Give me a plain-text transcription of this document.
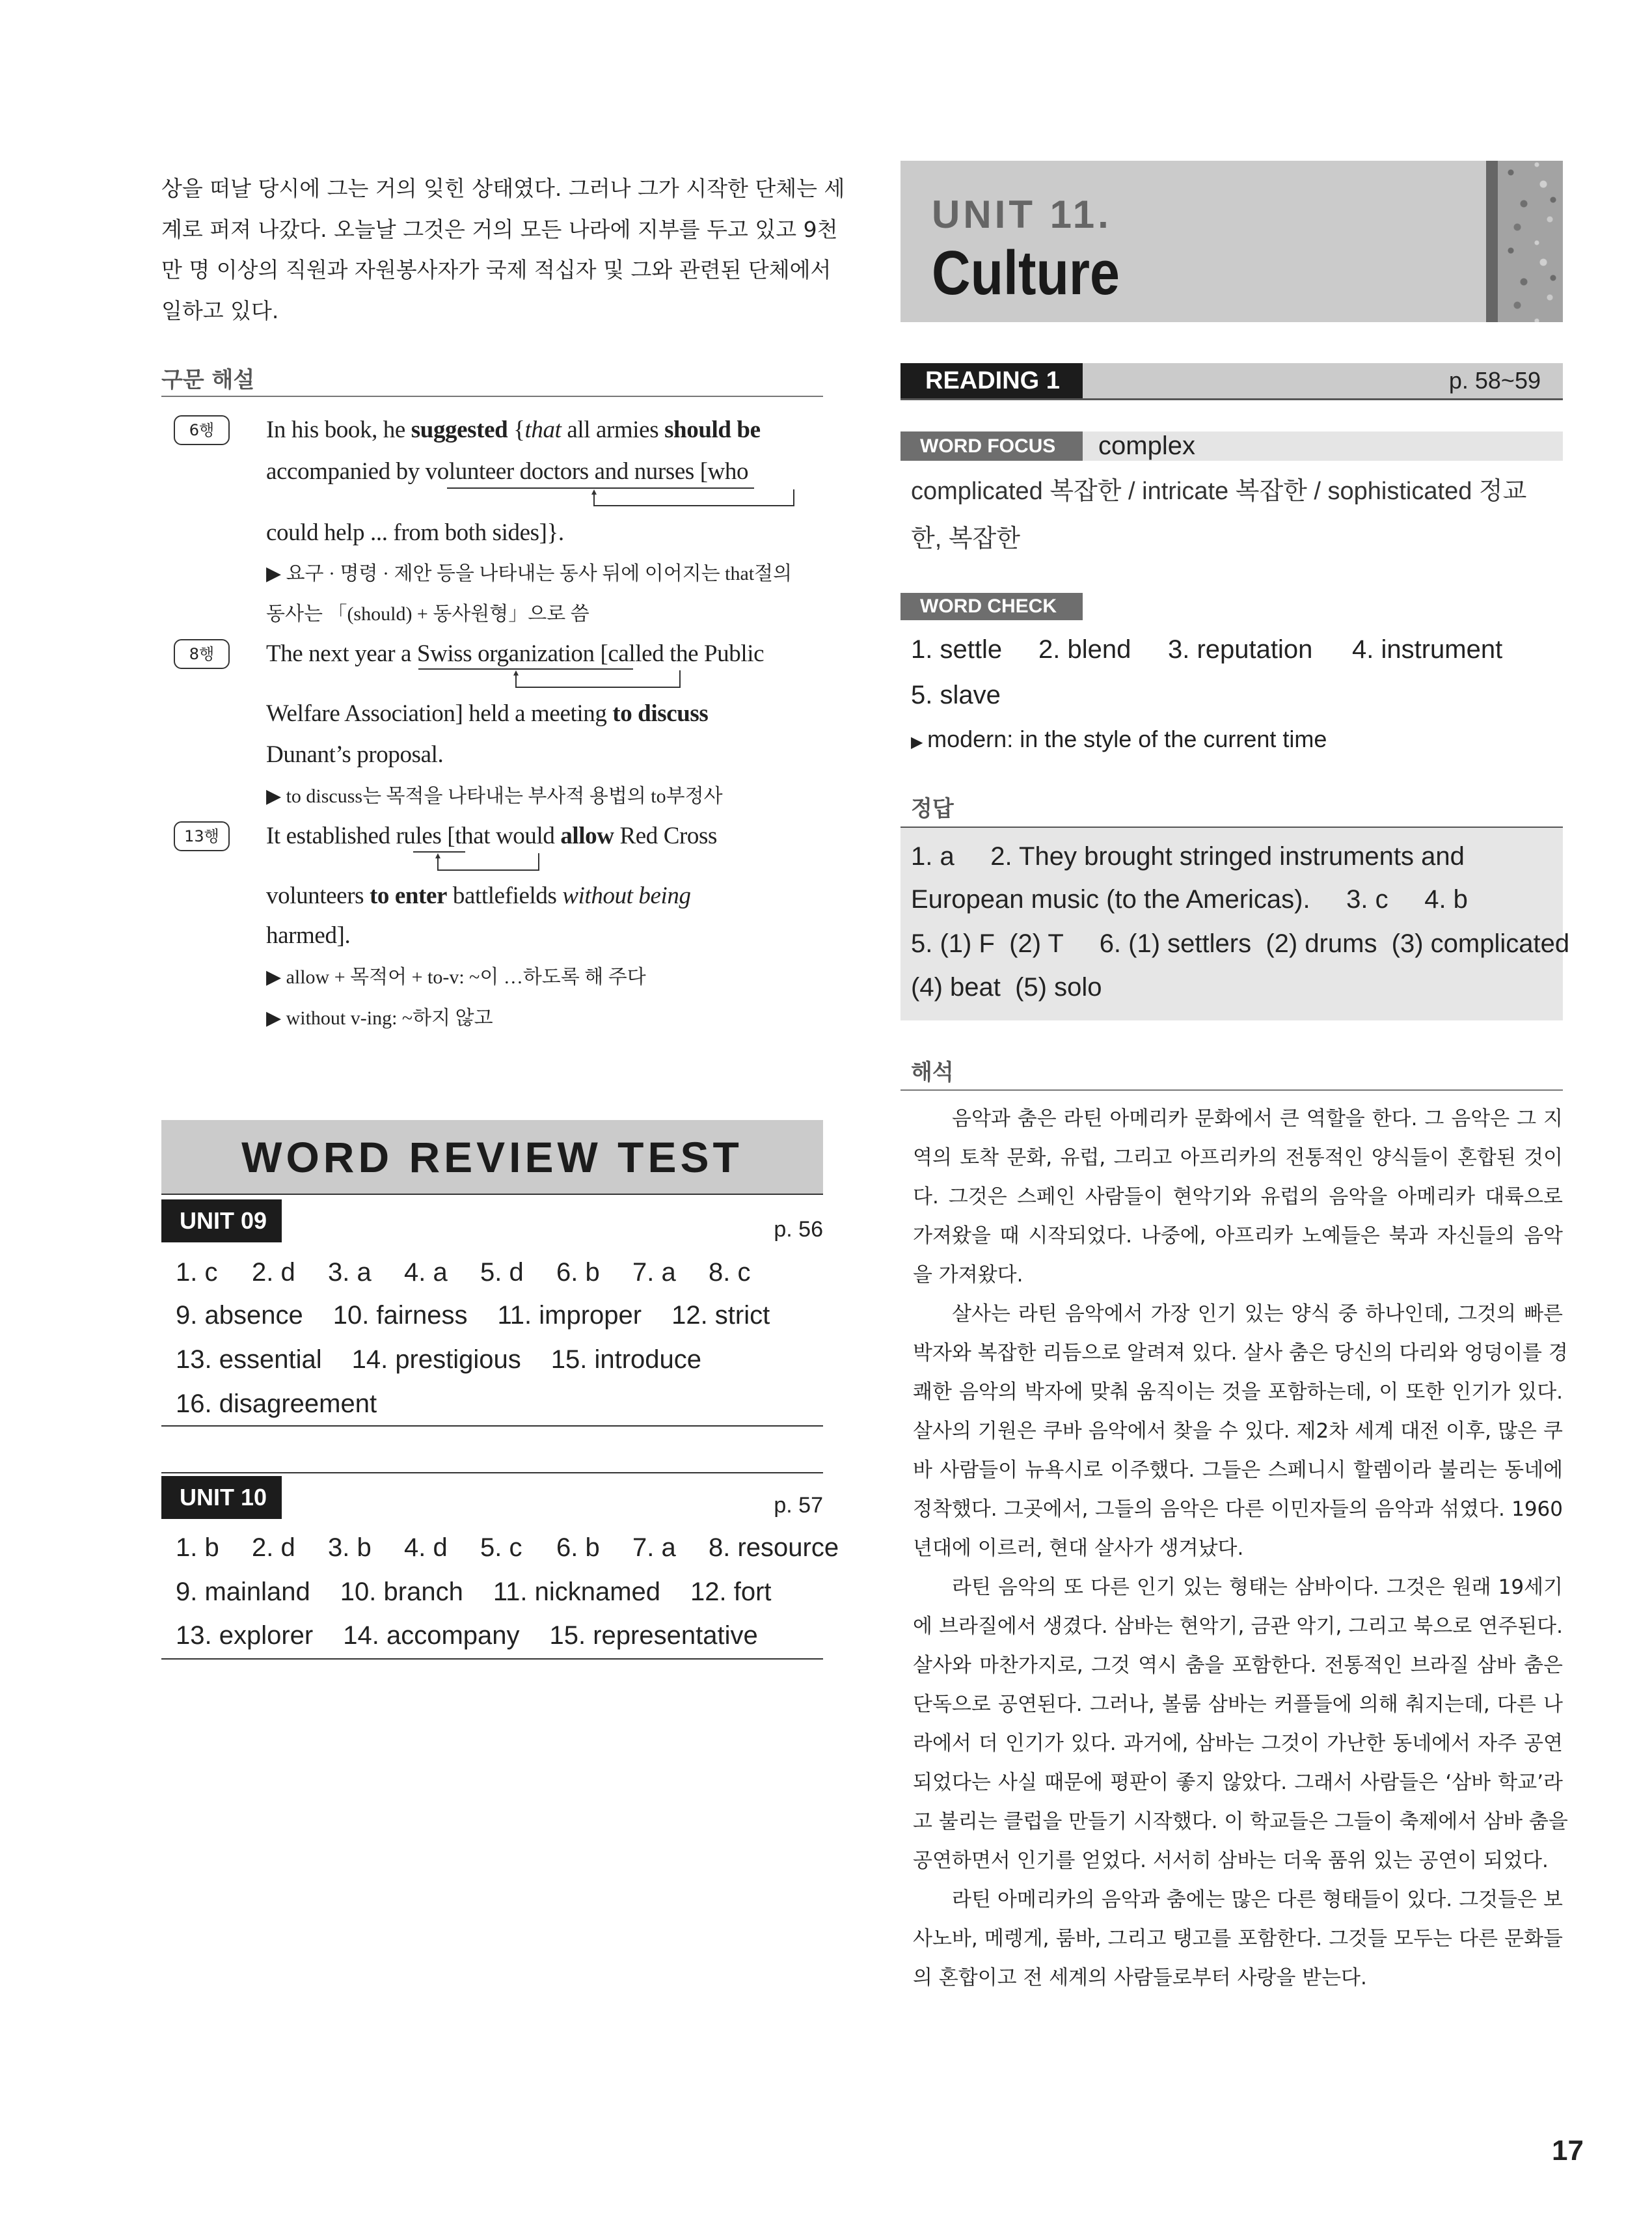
구문 해설
WORD REVIEW TEST
UNIT 11.
Culture
READING 1	p. 58~59
WORD FOCUS	complex
complicated 복잡한 / intricate 복잡한 / sophisticated 정교
한, 복잡한
WORD CHECK
1. settle 2. blend 3. reputation 4. instrument
5. slave
▶ modern: in the style of the current time
정답
1. a     2. They brought stringed instruments and
European music (to the Americas).     3. c     4. b
5. (1) F  (2) T     6. (1) settlers  (2) drums  (3) complicated
(4) beat  (5) solo
해석
17
상을 떠날 당시에 그는 거의 잊힌 상태였다. 그러나 그가 시작한 단체는 세
계로 퍼져 나갔다. 오늘날 그것은 거의 모든 나라에 지부를 두고 있고 9천
만 명 이상의 직원과 자원봉사자가 국제 적십자 및 그와 관련된 단체에서
일하고 있다.
6행	In his book, he suggested {that all armies should be
accompanied by volunteer doctors and nurses [who
could help ... from both sides]}.
▶ 요구 · 명령 · 제안 등을 나타내는 동사 뒤에 이어지는 that절의
동사는 「(should) + 동사원형」으로 씀
8행	The next year a Swiss organization [called the Public
Welfare Association] held a meeting to discuss
Dunant’s proposal.
▶ to discuss는 목적을 나타내는 부사적 용법의 to부정사
13행	It established rules [that would allow Red Cross
volunteers to enter battlefields without being
harmed].
▶ allow + 목적어 + to-v: ~이 …하도록 해 주다
▶ without v-ing: ~하지 않고
UNIT 09	p. 56
1. c 2. d 3. a 4. a 5. d 6. b 7. a 8. c
9. absence 10. fairness 11. improper 12. strict
13. essential 14. prestigious 15. introduce
16. disagreement
UNIT 10	p. 57
1. b 2. d 3. b 4. d 5. c 6. b 7. a 8. resource
9. mainland 10. branch 11. nicknamed 12. fort
13. explorer 14. accompany 15. representative
음악과 춤은 라틴 아메리카 문화에서 큰 역할을 한다. 그 음악은 그 지
역의 토착 문화, 유럽, 그리고 아프리카의 전통적인 양식들이 혼합된 것이
다. 그것은 스페인 사람들이 현악기와 유럽의 음악을 아메리카 대륙으로
가져왔을 때 시작되었다. 나중에, 아프리카 노예들은 북과 자신들의 음악
을 가져왔다.
살사는 라틴 음악에서 가장 인기 있는 양식 중 하나인데, 그것의 빠른
박자와 복잡한 리듬으로 알려져 있다. 살사 춤은 당신의 다리와 엉덩이를 경
쾌한 음악의 박자에 맞춰 움직이는 것을 포함하는데, 이 또한 인기가 있다.
살사의 기원은 쿠바 음악에서 찾을 수 있다. 제2차 세계 대전 이후, 많은 쿠
바 사람들이 뉴욕시로 이주했다. 그들은 스페니시 할렘이라 불리는 동네에
정착했다. 그곳에서, 그들의 음악은 다른 이민자들의 음악과 섞였다. 1960
년대에 이르러, 현대 살사가 생겨났다.
라틴 음악의 또 다른 인기 있는 형태는 삼바이다. 그것은 원래 19세기
에 브라질에서 생겼다. 삼바는 현악기, 금관 악기, 그리고 북으로 연주된다.
살사와 마찬가지로, 그것 역시 춤을 포함한다. 전통적인 브라질 삼바 춤은
단독으로 공연된다. 그러나, 볼룸 삼바는 커플들에 의해 춰지는데, 다른 나
라에서 더 인기가 있다. 과거에, 삼바는 그것이 가난한 동네에서 자주 공연
되었다는 사실 때문에 평판이 좋지 않았다. 그래서 사람들은 ‘삼바 학교’라
고 불리는 클럽을 만들기 시작했다. 이 학교들은 그들이 축제에서 삼바 춤을
공연하면서 인기를 얻었다. 서서히 삼바는 더욱 품위 있는 공연이 되었다.
라틴 아메리카의 음악과 춤에는 많은 다른 형태들이 있다. 그것들은 보
사노바, 메렝게, 룸바, 그리고 탱고를 포함한다. 그것들 모두는 다른 문화들
의 혼합이고 전 세계의 사람들로부터 사랑을 받는다.
